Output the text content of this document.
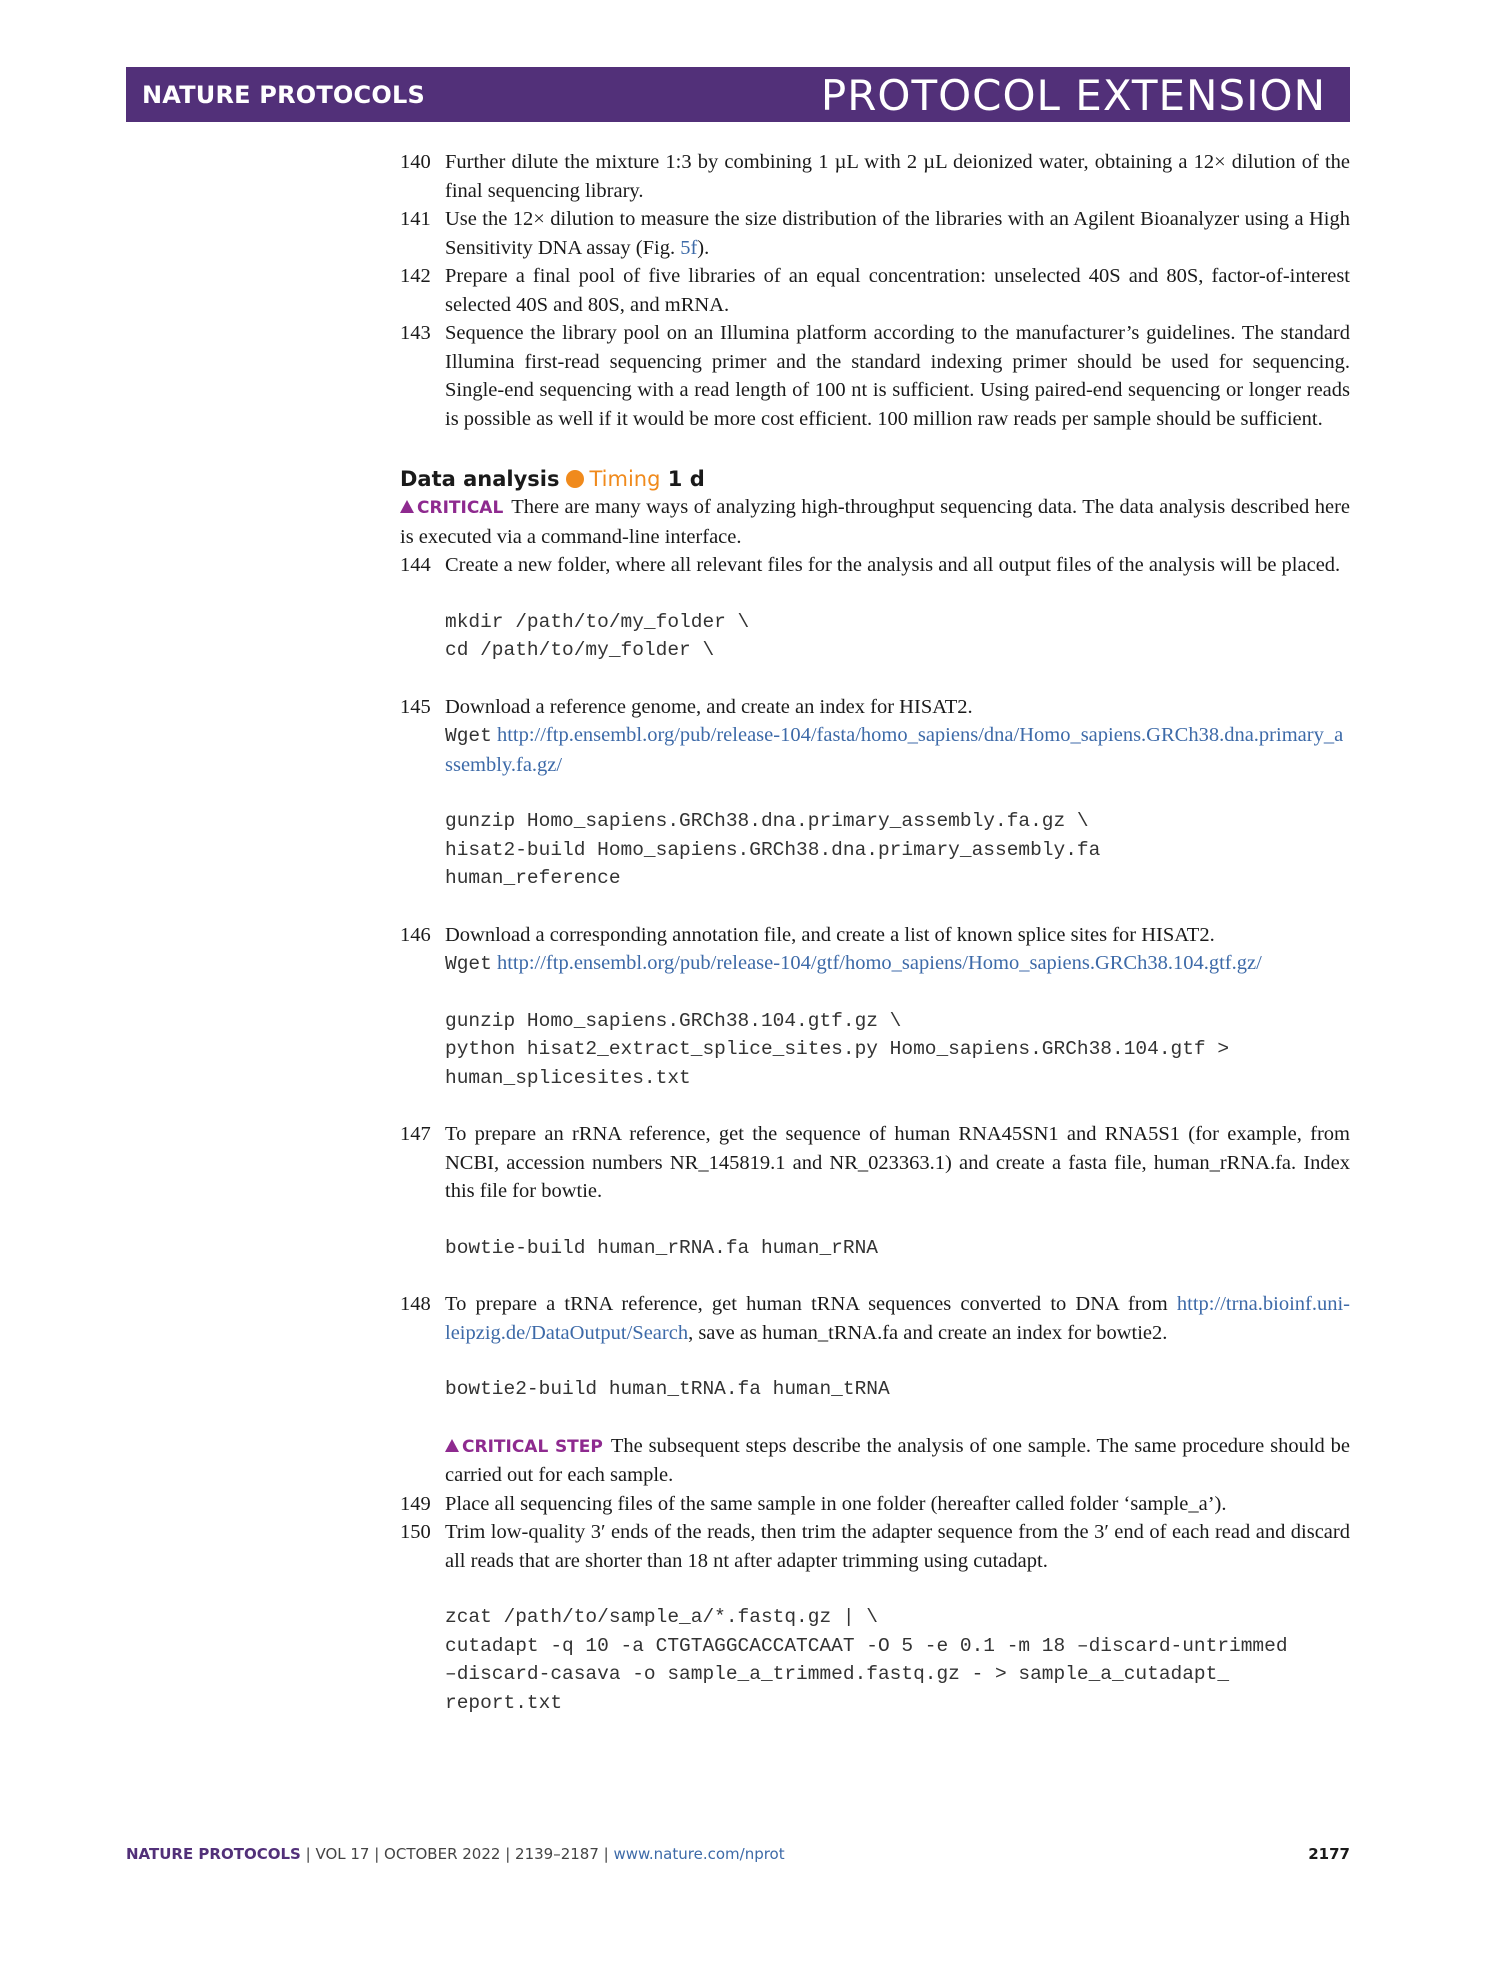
NATURE PROTOCOLS	PROTOCOL EXTENSION
140 Further dilute the mixture 1:3 by combining 1 µL with 2 µL deionized water, obtaining a 12× dilution of the final sequencing library.
141 Use the 12× dilution to measure the size distribution of the libraries with an Agilent Bioanalyzer using a High Sensitivity DNA assay (Fig. 5f).
142 Prepare a final pool of five libraries of an equal concentration: unselected 40S and 80S, factor-of-interest selected 40S and 80S, and mRNA.
143 Sequence the library pool on an Illumina platform according to the manufacturer’s guidelines. The standard Illumina first-read sequencing primer and the standard indexing primer should be used for sequencing. Single-end sequencing with a read length of 100 nt is sufficient. Using paired-end sequencing or longer reads is possible as well if it would be more cost efficient. 100 million raw reads per sample should be sufficient.
Data analysis Timing 1 d
CRITICAL There are many ways of analyzing high-throughput sequencing data. The data analysis described here is executed via a command-line interface.
144 Create a new folder, where all relevant files for the analysis and all output files of the analysis will be placed.
mkdir /path/to/my_folder \
cd /path/to/my_folder \
145 Download a reference genome, and create an index for HISAT2.
Wget http://ftp.ensembl.org/pub/release-104/fasta/homo_sapiens/dna/Homo_sapiens.GRCh38.dna.primary_assembly.fa.gz/
gunzip Homo_sapiens.GRCh38.dna.primary_assembly.fa.gz \
hisat2-build Homo_sapiens.GRCh38.dna.primary_assembly.fa
human_reference
146 Download a corresponding annotation file, and create a list of known splice sites for HISAT2.
Wget http://ftp.ensembl.org/pub/release-104/gtf/homo_sapiens/Homo_sapiens.GRCh38.104.gtf.gz/
gunzip Homo_sapiens.GRCh38.104.gtf.gz \
python hisat2_extract_splice_sites.py Homo_sapiens.GRCh38.104.gtf >
human_splicesites.txt
147 To prepare an rRNA reference, get the sequence of human RNA45SN1 and RNA5S1 (for example, from NCBI, accession numbers NR_145819.1 and NR_023363.1) and create a fasta file, human_rRNA.fa. Index this file for bowtie.
bowtie-build human_rRNA.fa human_rRNA
148 To prepare a tRNA reference, get human tRNA sequences converted to DNA from http://trna.bioinf.uni-leipzig.de/DataOutput/Search, save as human_tRNA.fa and create an index for bowtie2.
bowtie2-build human_tRNA.fa human_tRNA
CRITICAL STEP The subsequent steps describe the analysis of one sample. The same procedure should be carried out for each sample.
149 Place all sequencing files of the same sample in one folder (hereafter called folder ‘sample_a’).
150 Trim low-quality 3′ ends of the reads, then trim the adapter sequence from the 3′ end of each read and discard all reads that are shorter than 18 nt after adapter trimming using cutadapt.
zcat /path/to/sample_a/*.fastq.gz | \
cutadapt -q 10 -a CTGTAGGCACCATCAAT -O 5 -e 0.1 -m 18 –discard-untrimmed
–discard-casava -o sample_a_trimmed.fastq.gz - > sample_a_cutadapt_
report.txt
NATURE PROTOCOLS | VOL 17 | OCTOBER 2022 | 2139–2187 | www.nature.com/nprot	2177
